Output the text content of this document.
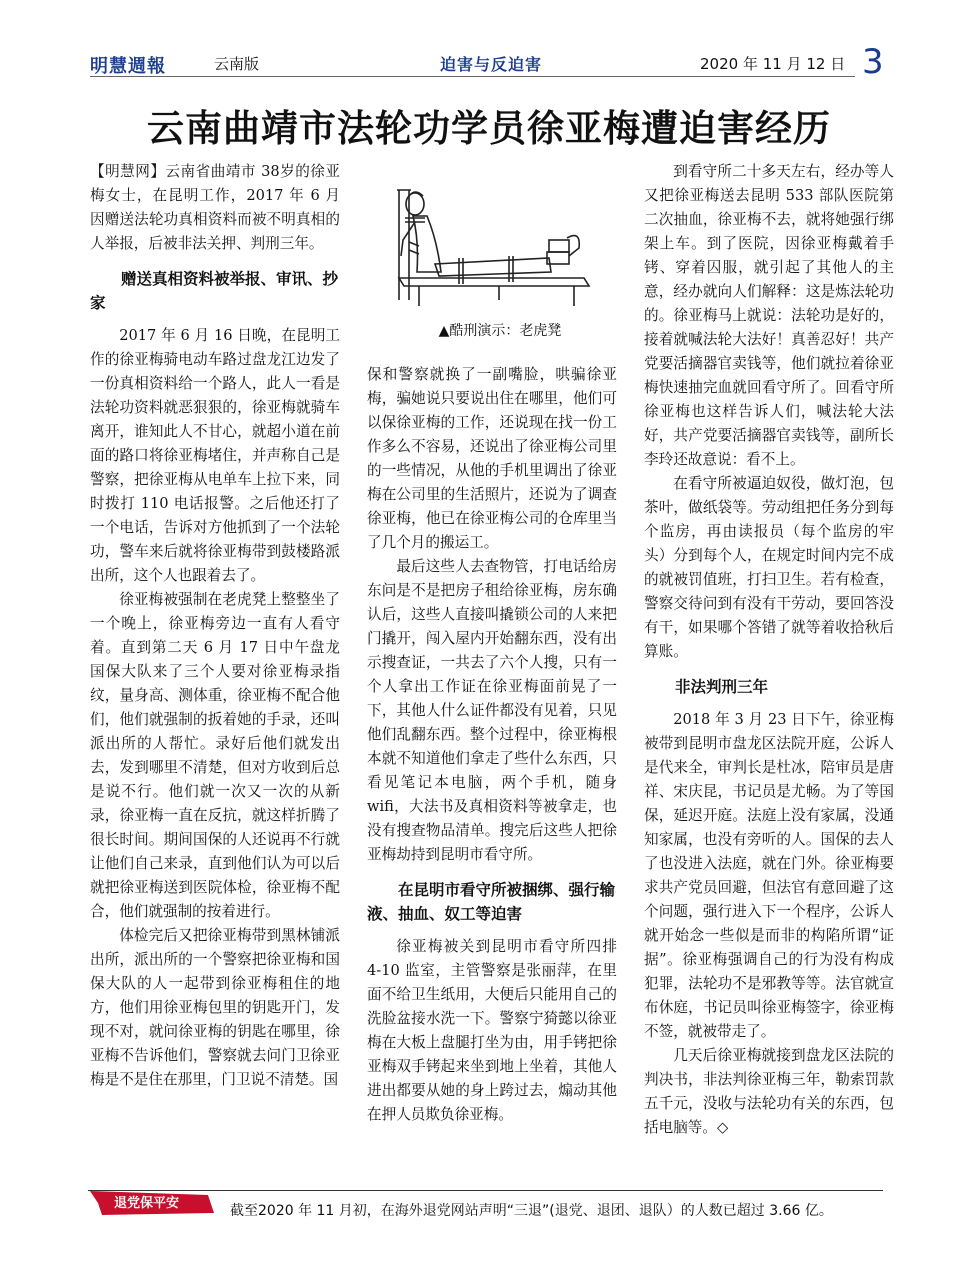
明慧週報	云南版	迫害与反迫害	2020 年 11 月 12 日 3
云南曲靖市法轮功学员徐亚梅遭迫害经历

【明慧网】云南省曲靖市 38岁的徐亚梅女士，在昆明工作，2017 年 6 月因赠送法轮功真相资料而被不明真相的人举报，后被非法关押、判刑三年。

赠送真相资料被举报、审讯、抄家

2017 年 6 月 16 日晚，在昆明工作的徐亚梅骑电动车路过盘龙江边发了一份真相资料给一个路人，此人一看是法轮功资料就恶狠狠的，徐亚梅就骑车离开，谁知此人不甘心，就超小道在前面的路口将徐亚梅堵住，并声称自己是警察，把徐亚梅从电单车上拉下来，同时拨打 110 电话报警。之后他还打了一个电话，告诉对方他抓到了一个法轮功，警车来后就将徐亚梅带到鼓楼路派出所，这个人也跟着去了。

徐亚梅被强制在老虎凳上整整坐了一个晚上，徐亚梅旁边一直有人看守着。直到第二天 6 月 17 日中午盘龙国保大队来了三个人要对徐亚梅录指纹，量身高、测体重，徐亚梅不配合他们，他们就强制的扳着她的手录，还叫派出所的人帮忙。录好后他们就发出去，发到哪里不清楚，但对方收到后总是说不行。他们就一次又一次的从新录，徐亚梅一直在反抗，就这样折腾了很长时间。期间国保的人还说再不行就让他们自己来录，直到他们认为可以后就把徐亚梅送到医院体检，徐亚梅不配合，他们就强制的按着进行。

体检完后又把徐亚梅带到黑林铺派出所，派出所的一个警察把徐亚梅和国保大队的人一起带到徐亚梅租住的地方，他们用徐亚梅包里的钥匙开门，发现不对，就问徐亚梅的钥匙在哪里，徐亚梅不告诉他们，警察就去问门卫徐亚梅是不是住在那里，门卫说不清楚。国

▲酷刑演示：老虎凳

保和警察就换了一副嘴脸，哄骗徐亚梅，骗她说只要说出住在哪里，他们可以保徐亚梅的工作，还说现在找一份工作多么不容易，还说出了徐亚梅公司里的一些情况，从他的手机里调出了徐亚梅在公司里的生活照片，还说为了调查徐亚梅，他已在徐亚梅公司的仓库里当了几个月的搬运工。

最后这些人去查物管，打电话给房东问是不是把房子租给徐亚梅，房东确认后，这些人直接叫撬锁公司的人来把门撬开，闯入屋内开始翻东西，没有出示搜查证，一共去了六个人搜，只有一个人拿出工作证在徐亚梅面前晃了一下，其他人什么证件都没有见着，只见他们乱翻东西。整个过程中，徐亚梅根本就不知道他们拿走了些什么东西，只看见笔记本电脑，两个手机，随身 wifi，大法书及真相资料等被拿走，也没有搜查物品清单。搜完后这些人把徐亚梅劫持到昆明市看守所。

在昆明市看守所被捆绑、强行输液、抽血、奴工等迫害

徐亚梅被关到昆明市看守所四排 4-10 监室，主管警察是张丽萍，在里面不给卫生纸用，大便后只能用自己的洗脸盆接水洗一下。警察宁猗懿以徐亚梅在大板上盘腿打坐为由，用手铐把徐亚梅双手铐起来坐到地上坐着，其他人进出都要从她的身上跨过去，煽动其他在押人员欺负徐亚梅。

到看守所二十多天左右，经办等人又把徐亚梅送去昆明 533 部队医院第二次抽血，徐亚梅不去，就将她强行绑架上车。到了医院，因徐亚梅戴着手铐、穿着囚服，就引起了其他人的主意，经办就向人们解释：这是炼法轮功的。徐亚梅马上就说：法轮功是好的，接着就喊法轮大法好！真善忍好！共产党要活摘器官卖钱等，他们就拉着徐亚梅快速抽完血就回看守所了。回看守所徐亚梅也这样告诉人们，喊法轮大法好，共产党要活摘器官卖钱等，副所长李玲还故意说：看不上。

在看守所被逼迫奴役，做灯泡，包茶叶，做纸袋等。劳动组把任务分到每个监房，再由读报员（每个监房的牢头）分到每个人，在规定时间内完不成的就被罚值班，打扫卫生。若有检查，警察交待问到有没有干劳动，要回答没有干，如果哪个答错了就等着收拾秋后算账。

非法判刑三年

2018 年 3 月 23 日下午，徐亚梅被带到昆明市盘龙区法院开庭，公诉人是代来全，审判长是杜冰，陪审员是唐祥、宋庆昆，书记员是尤畅。为了等国保，延迟开庭。法庭上没有家属，没通知家属，也没有旁听的人。国保的去人了也没进入法庭，就在门外。徐亚梅要求共产党员回避，但法官有意回避了这个问题，强行进入下一个程序，公诉人就开始念一些似是而非的构陷所谓“证据”。徐亚梅强调自己的行为没有构成犯罪，法轮功不是邪教等等。法官就宣布休庭，书记员叫徐亚梅签字，徐亚梅不签，就被带走了。

几天后徐亚梅就接到盘龙区法院的判决书，非法判徐亚梅三年，勒索罚款五千元，没收与法轮功有关的东西，包括电脑等。◇

退党保平安	截至2020 年 11 月初，在海外退党网站声明“三退”(退党、退团、退队）的人数已超过 3.66 亿。
